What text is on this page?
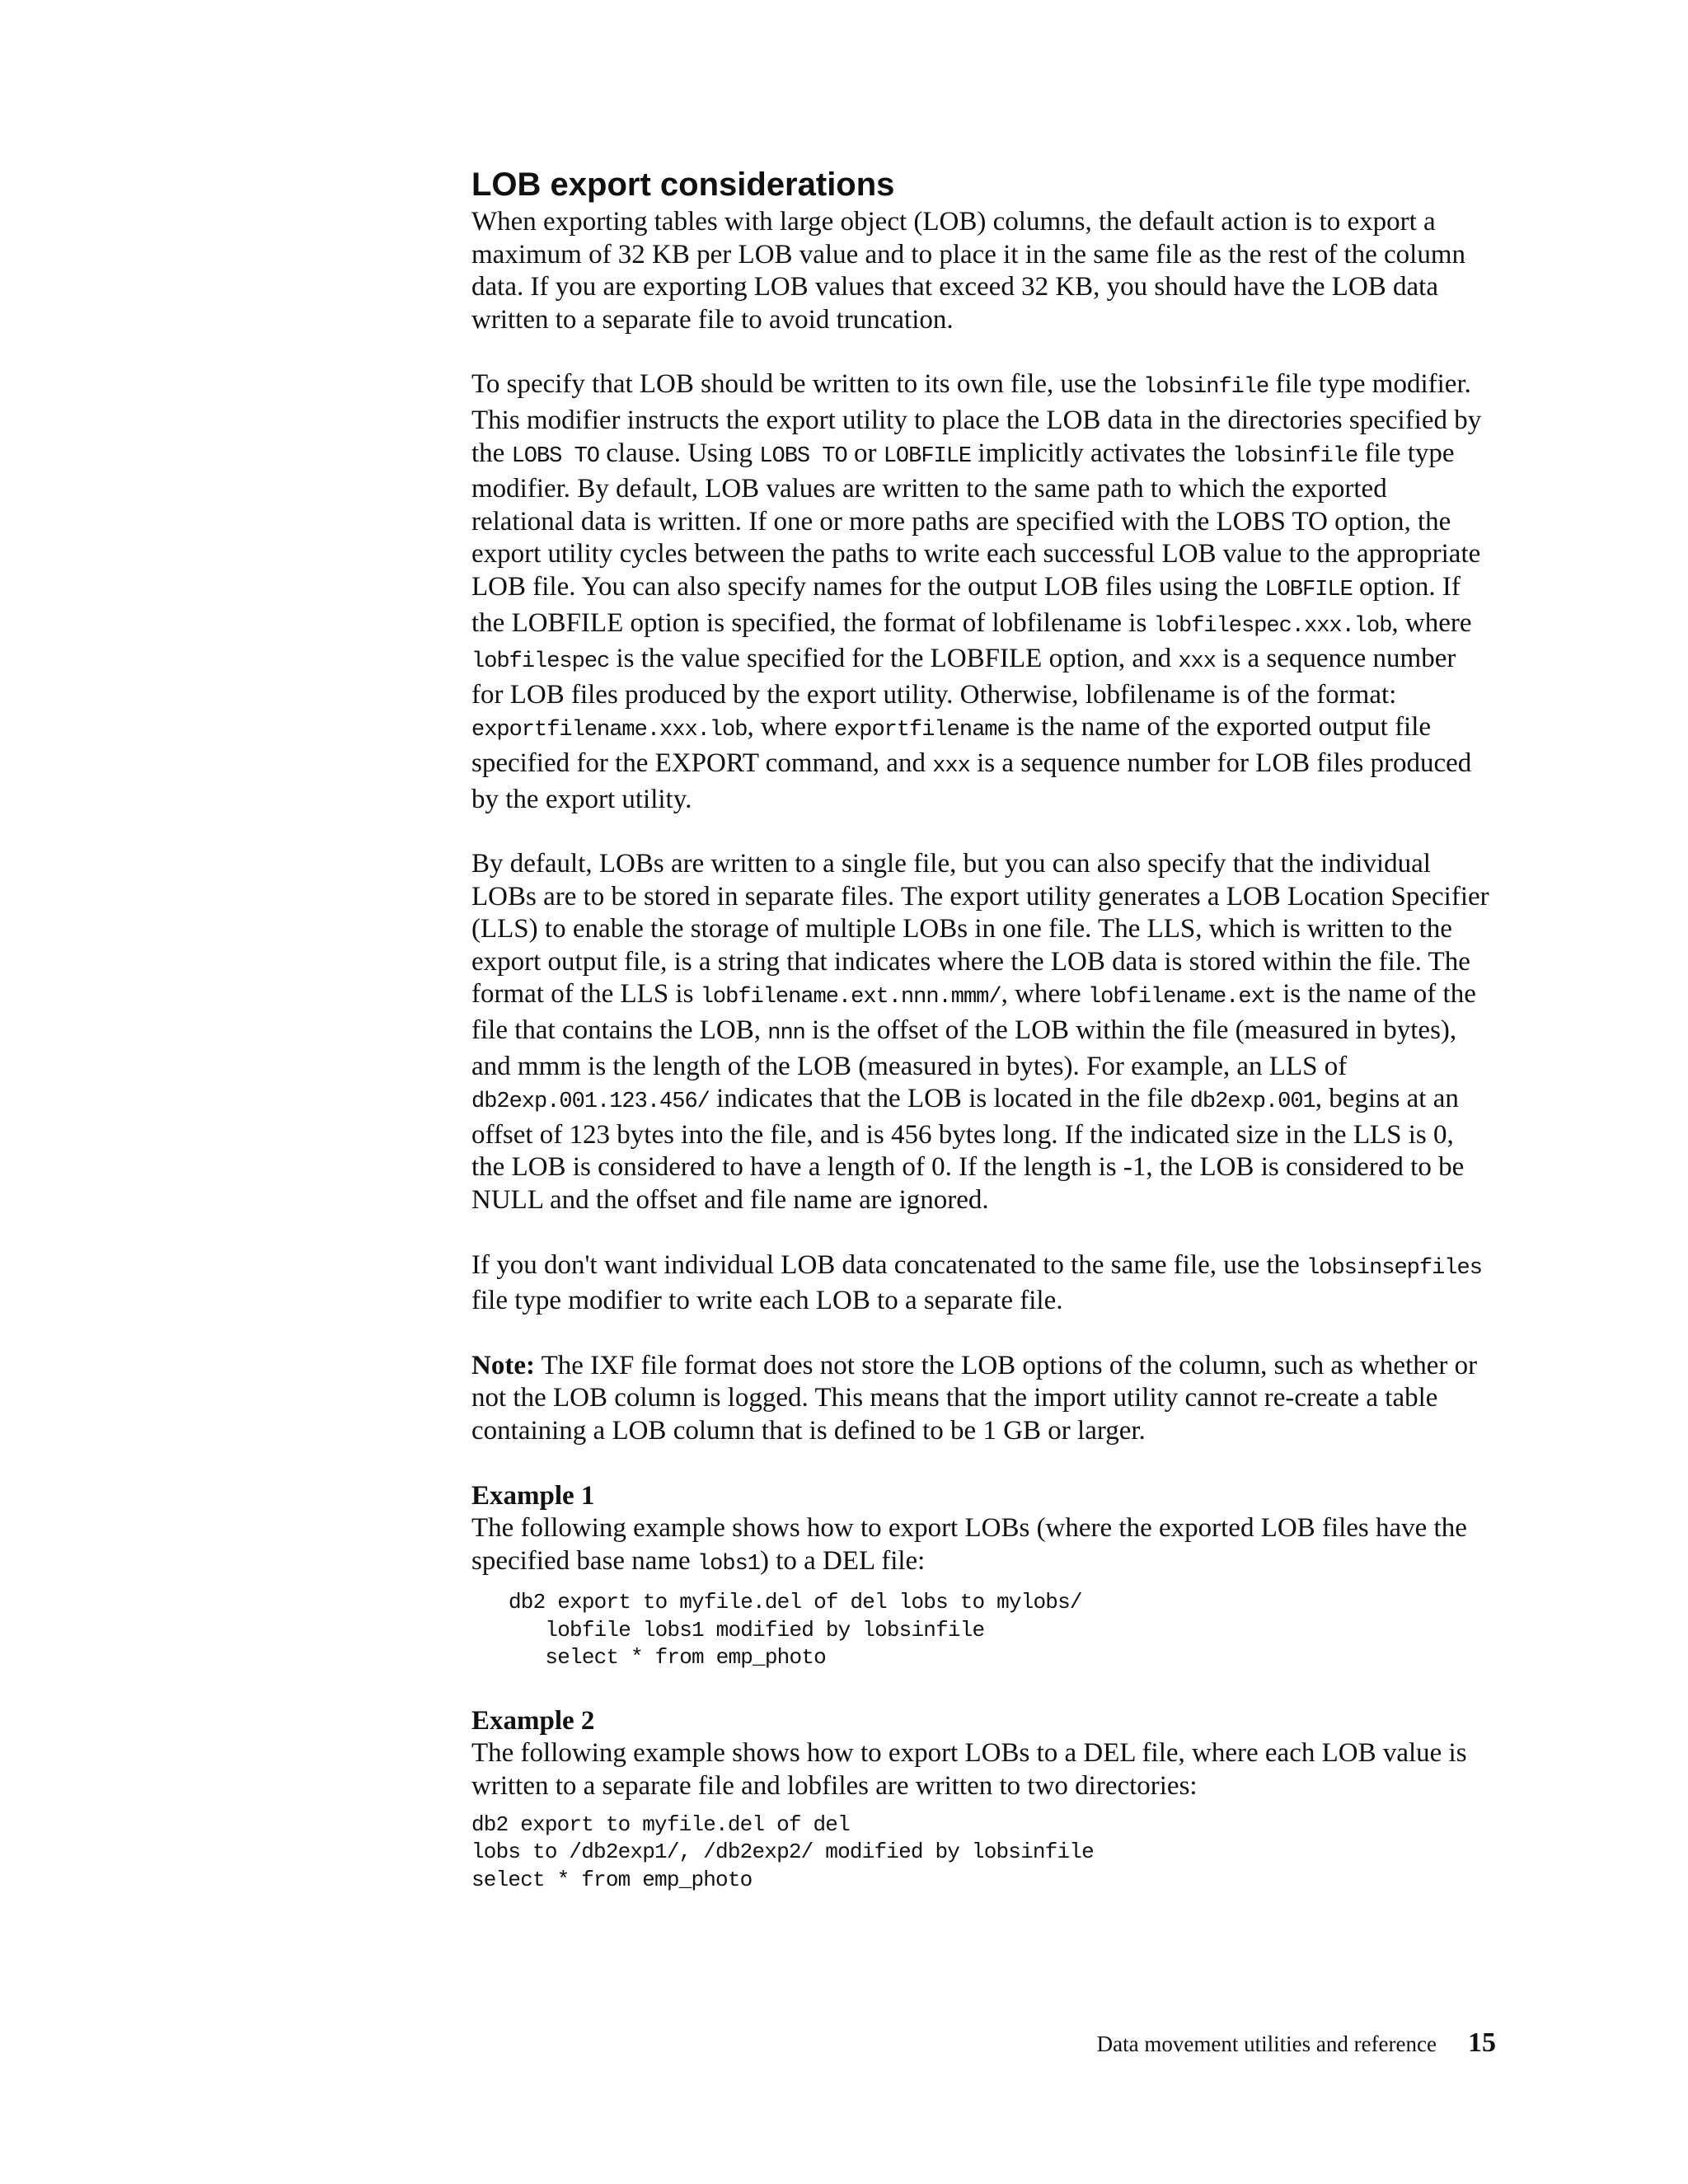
LOB export considerations

When exporting tables with large object (LOB) columns, the default action is to export a maximum of 32 KB per LOB value and to place it in the same file as the rest of the column data. If you are exporting LOB values that exceed 32 KB, you should have the LOB data written to a separate file to avoid truncation.

To specify that LOB should be written to its own file, use the lobsinfile file type modifier. This modifier instructs the export utility to place the LOB data in the directories specified by the LOBS TO clause. Using LOBS TO or LOBFILE implicitly activates the lobsinfile file type modifier. By default, LOB values are written to the same path to which the exported relational data is written. If one or more paths are specified with the LOBS TO option, the export utility cycles between the paths to write each successful LOB value to the appropriate LOB file. You can also specify names for the output LOB files using the LOBFILE option. If the LOBFILE option is specified, the format of lobfilename is lobfilespec.xxx.lob, where lobfilespec is the value specified for the LOBFILE option, and xxx is a sequence number for LOB files produced by the export utility. Otherwise, lobfilename is of the format: exportfilename.xxx.lob, where exportfilename is the name of the exported output file specified for the EXPORT command, and xxx is a sequence number for LOB files produced by the export utility.

By default, LOBs are written to a single file, but you can also specify that the individual LOBs are to be stored in separate files. The export utility generates a LOB Location Specifier (LLS) to enable the storage of multiple LOBs in one file. The LLS, which is written to the export output file, is a string that indicates where the LOB data is stored within the file. The format of the LLS is lobfilename.ext.nnn.mmm/, where lobfilename.ext is the name of the file that contains the LOB, nnn is the offset of the LOB within the file (measured in bytes), and mmm is the length of the LOB (measured in bytes). For example, an LLS of db2exp.001.123.456/ indicates that the LOB is located in the file db2exp.001, begins at an offset of 123 bytes into the file, and is 456 bytes long. If the indicated size in the LLS is 0, the LOB is considered to have a length of 0. If the length is -1, the LOB is considered to be NULL and the offset and file name are ignored.

If you don't want individual LOB data concatenated to the same file, use the lobsinsepfiles file type modifier to write each LOB to a separate file.

Note: The IXF file format does not store the LOB options of the column, such as whether or not the LOB column is logged. This means that the import utility cannot re-create a table containing a LOB column that is defined to be 1 GB or larger.

Example 1

The following example shows how to export LOBs (where the exported LOB files have the specified base name lobs1) to a DEL file:

db2 export to myfile.del of del lobs to mylobs/
lobfile lobs1 modified by lobsinfile
select * from emp_photo
Example 2

The following example shows how to export LOBs to a DEL file, where each LOB value is written to a separate file and lobfiles are written to two directories:

db2 export to myfile.del of del
lobs to /db2exp1/, /db2exp2/ modified by lobsinfile
select * from emp_photo
Data movement utilities and reference 15
